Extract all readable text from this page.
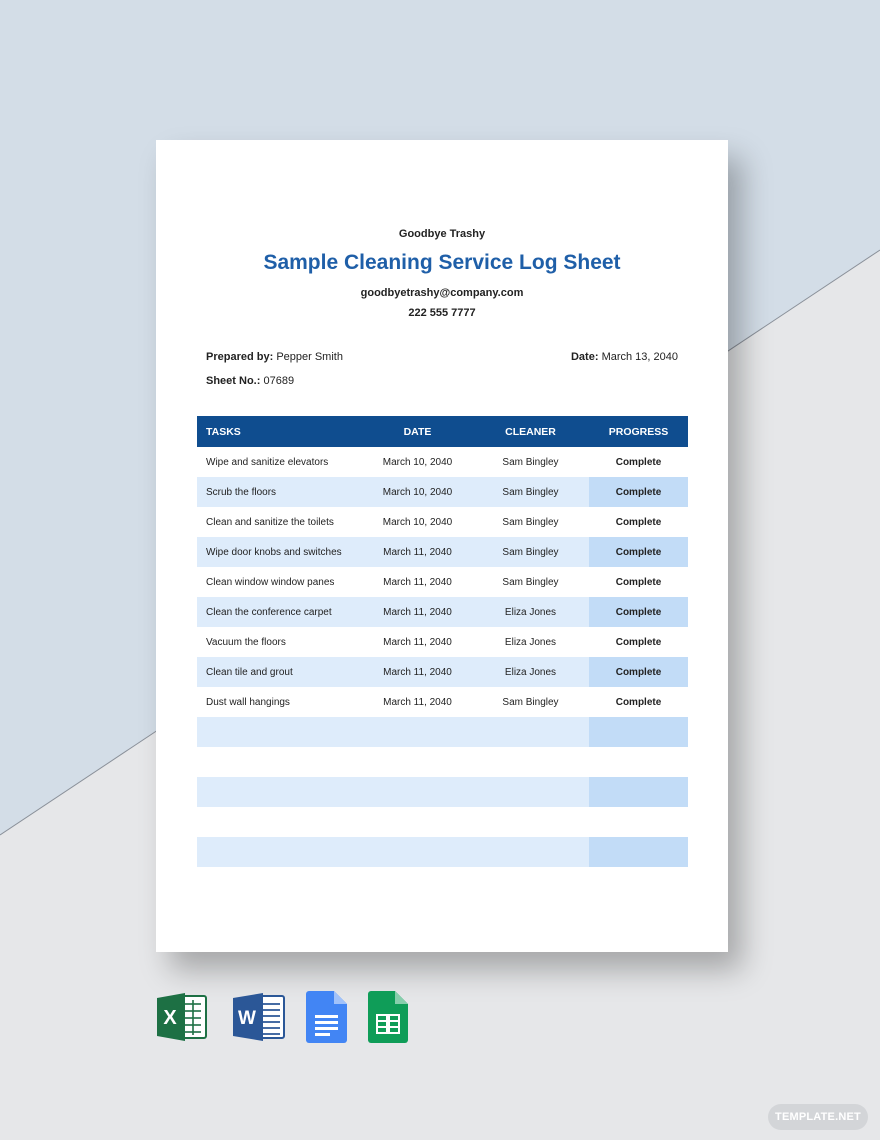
Goodbye Trashy
Sample Cleaning Service Log Sheet
goodbyetrashy@company.com
222 555 7777
Prepared by: Pepper Smith
Sheet No.: 07689
Date: March 13, 2040
TASKS	DATE	CLEANER	PROGRESS
Wipe and sanitize elevators	March 10, 2040	Sam Bingley	Complete
Scrub the floors	March 10, 2040	Sam Bingley	Complete
Clean and sanitize the toilets	March 10, 2040	Sam Bingley	Complete
Wipe door knobs and switches	March 11, 2040	Sam Bingley	Complete
Clean window window panes	March 11, 2040	Sam Bingley	Complete
Clean the conference carpet	March 11, 2040	Eliza Jones	Complete
Vacuum the floors	March 11, 2040	Eliza Jones	Complete
Clean tile and grout	March 11, 2040	Eliza Jones	Complete
Dust wall hangings	March 11, 2040	Sam Bingley	Complete
X	W
TEMPLATE.NET
